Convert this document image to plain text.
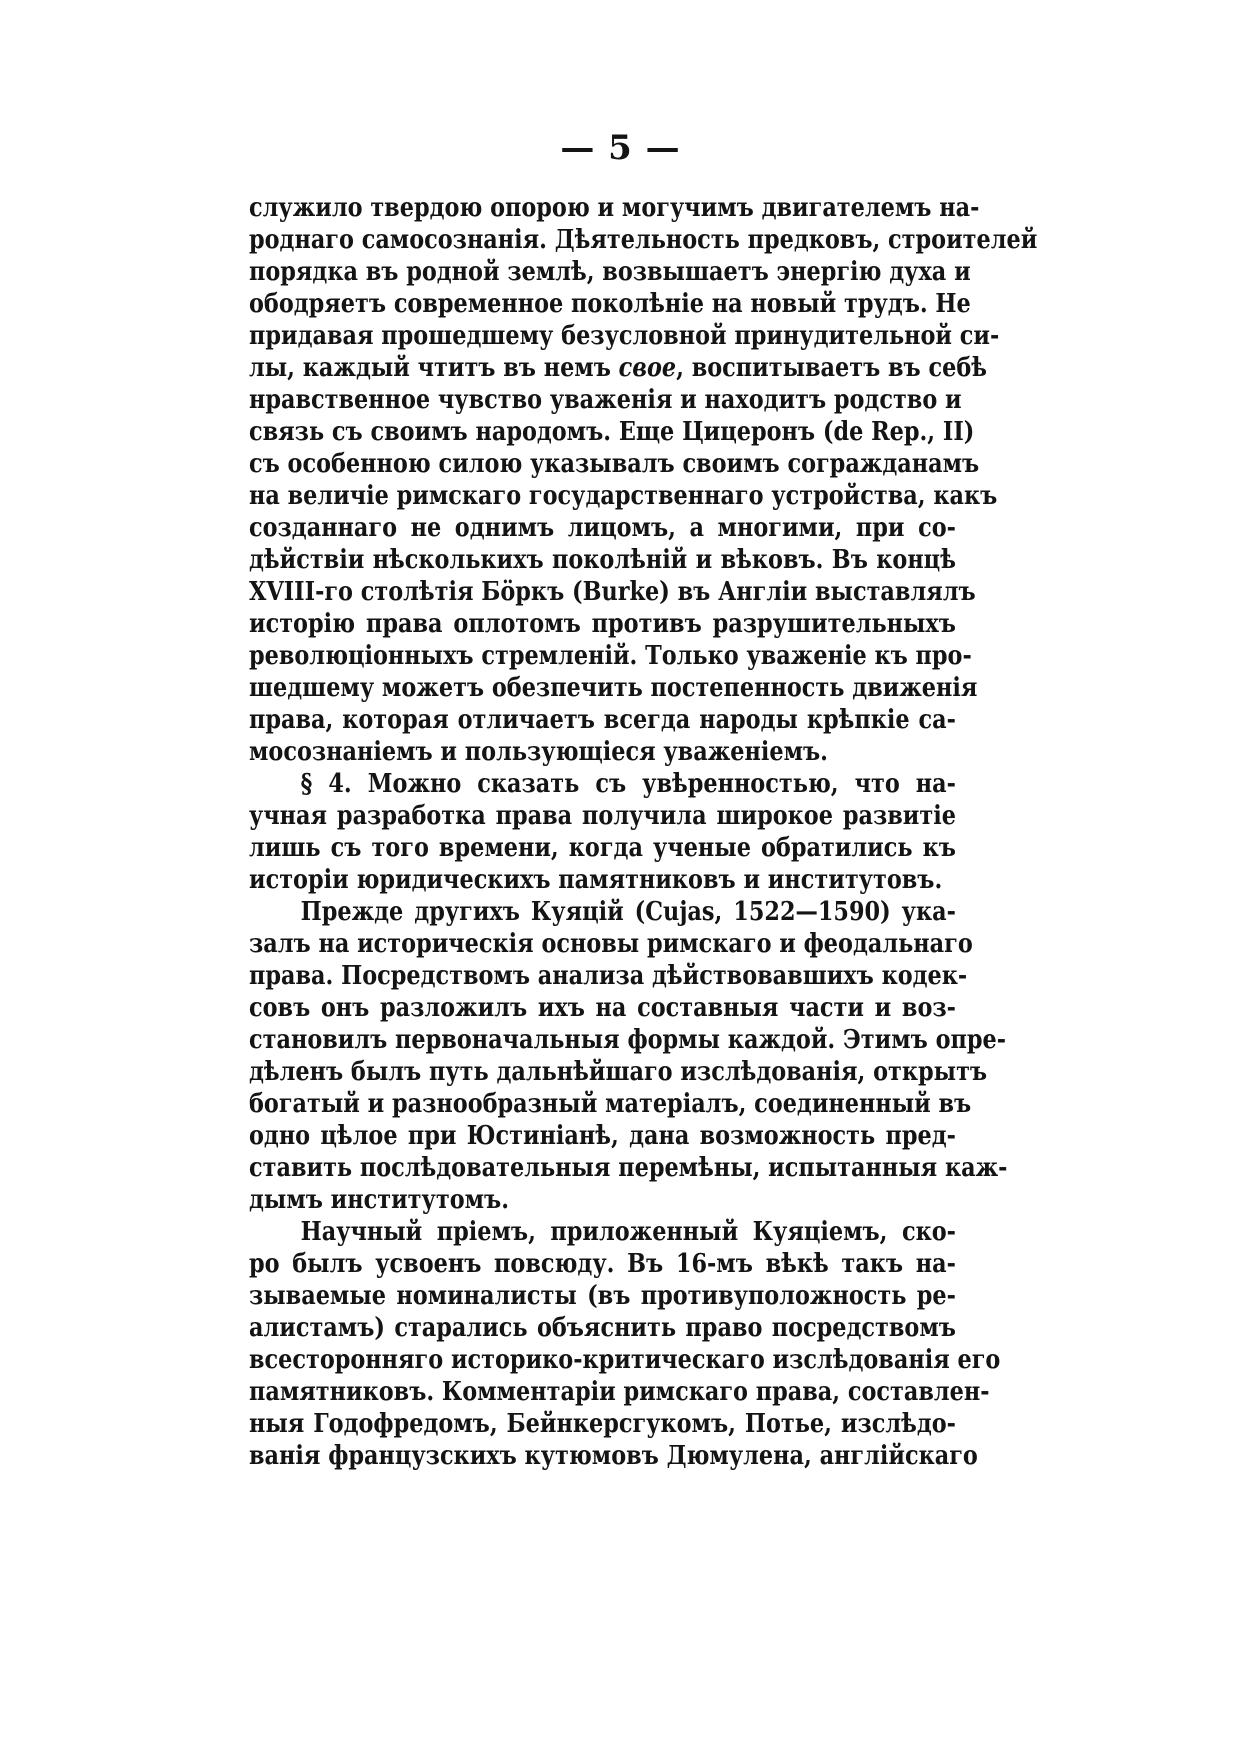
— 5 —
служило твердою опорою и могучимъ двигателемъ на-
роднаго самосознанія. Дѣятельность предковъ, строителей
порядка въ родной землѣ, возвышаетъ энергію духа и
ободряетъ современное поколѣніе на новый трудъ. Не
придавая прошедшему безусловной принудительной си-
лы, каждый чтитъ въ немъ свое, воспитываетъ въ себѣ
нравственное чувство уваженія и находитъ родство и
связь съ своимъ народомъ. Еще Цицеронъ (de Rep., II)
съ особенною силою указывалъ своимъ согражданамъ
на величіе римскаго государственнаго устройства, какъ
созданнаго не однимъ лицомъ, а многими, при со-
дѣйствіи нѣсколькихъ поколѣній и вѣковъ. Въ концѣ
XVIII-го столѣтія Бöркъ (Burke) въ Англіи выставлялъ
исторію права оплотомъ противъ разрушительныхъ
революціонныхъ стремленій. Только уваженіе къ про-
шедшему можетъ обезпечить постепенность движенія
права, которая отличаетъ всегда народы крѣпкіе са-
мосознаніемъ и пользующіеся уваженіемъ.
§ 4. Можно сказать съ увѣренностью, что на-
учная разработка права получила широкое развитіе
лишь съ того времени, когда ученые обратились къ
исторіи юридическихъ памятниковъ и институтовъ.
Прежде другихъ Куяцій (Cujas, 1522—1590) ука-
залъ на историческія основы римскаго и феодальнаго
права. Посредствомъ анализа дѣйствовавшихъ кодек-
совъ онъ разложилъ ихъ на составныя части и воз-
становилъ первоначальныя формы каждой. Этимъ опре-
дѣленъ былъ путь дальнѣйшаго изслѣдованія, открытъ
богатый и разнообразный матеріалъ, соединенный въ
одно цѣлое при Юстиніанѣ, дана возможность пред-
ставить послѣдовательныя перемѣны, испытанныя каж-
дымъ институтомъ.
Научный пріемъ, приложенный Куяціемъ, ско-
ро былъ усвоенъ повсюду. Въ 16-мъ вѣкѣ такъ на-
зываемые номиналисты (въ противуположность ре-
алистамъ) старались объяснить право посредствомъ
всесторонняго историко-критическаго изслѣдованія его
памятниковъ. Комментаріи римскаго права, составлен-
ныя Годофредомъ, Бейнкерсгукомъ, Потье, изслѣдо-
ванія французскихъ кутюмовъ Дюмулена, англійскаго
